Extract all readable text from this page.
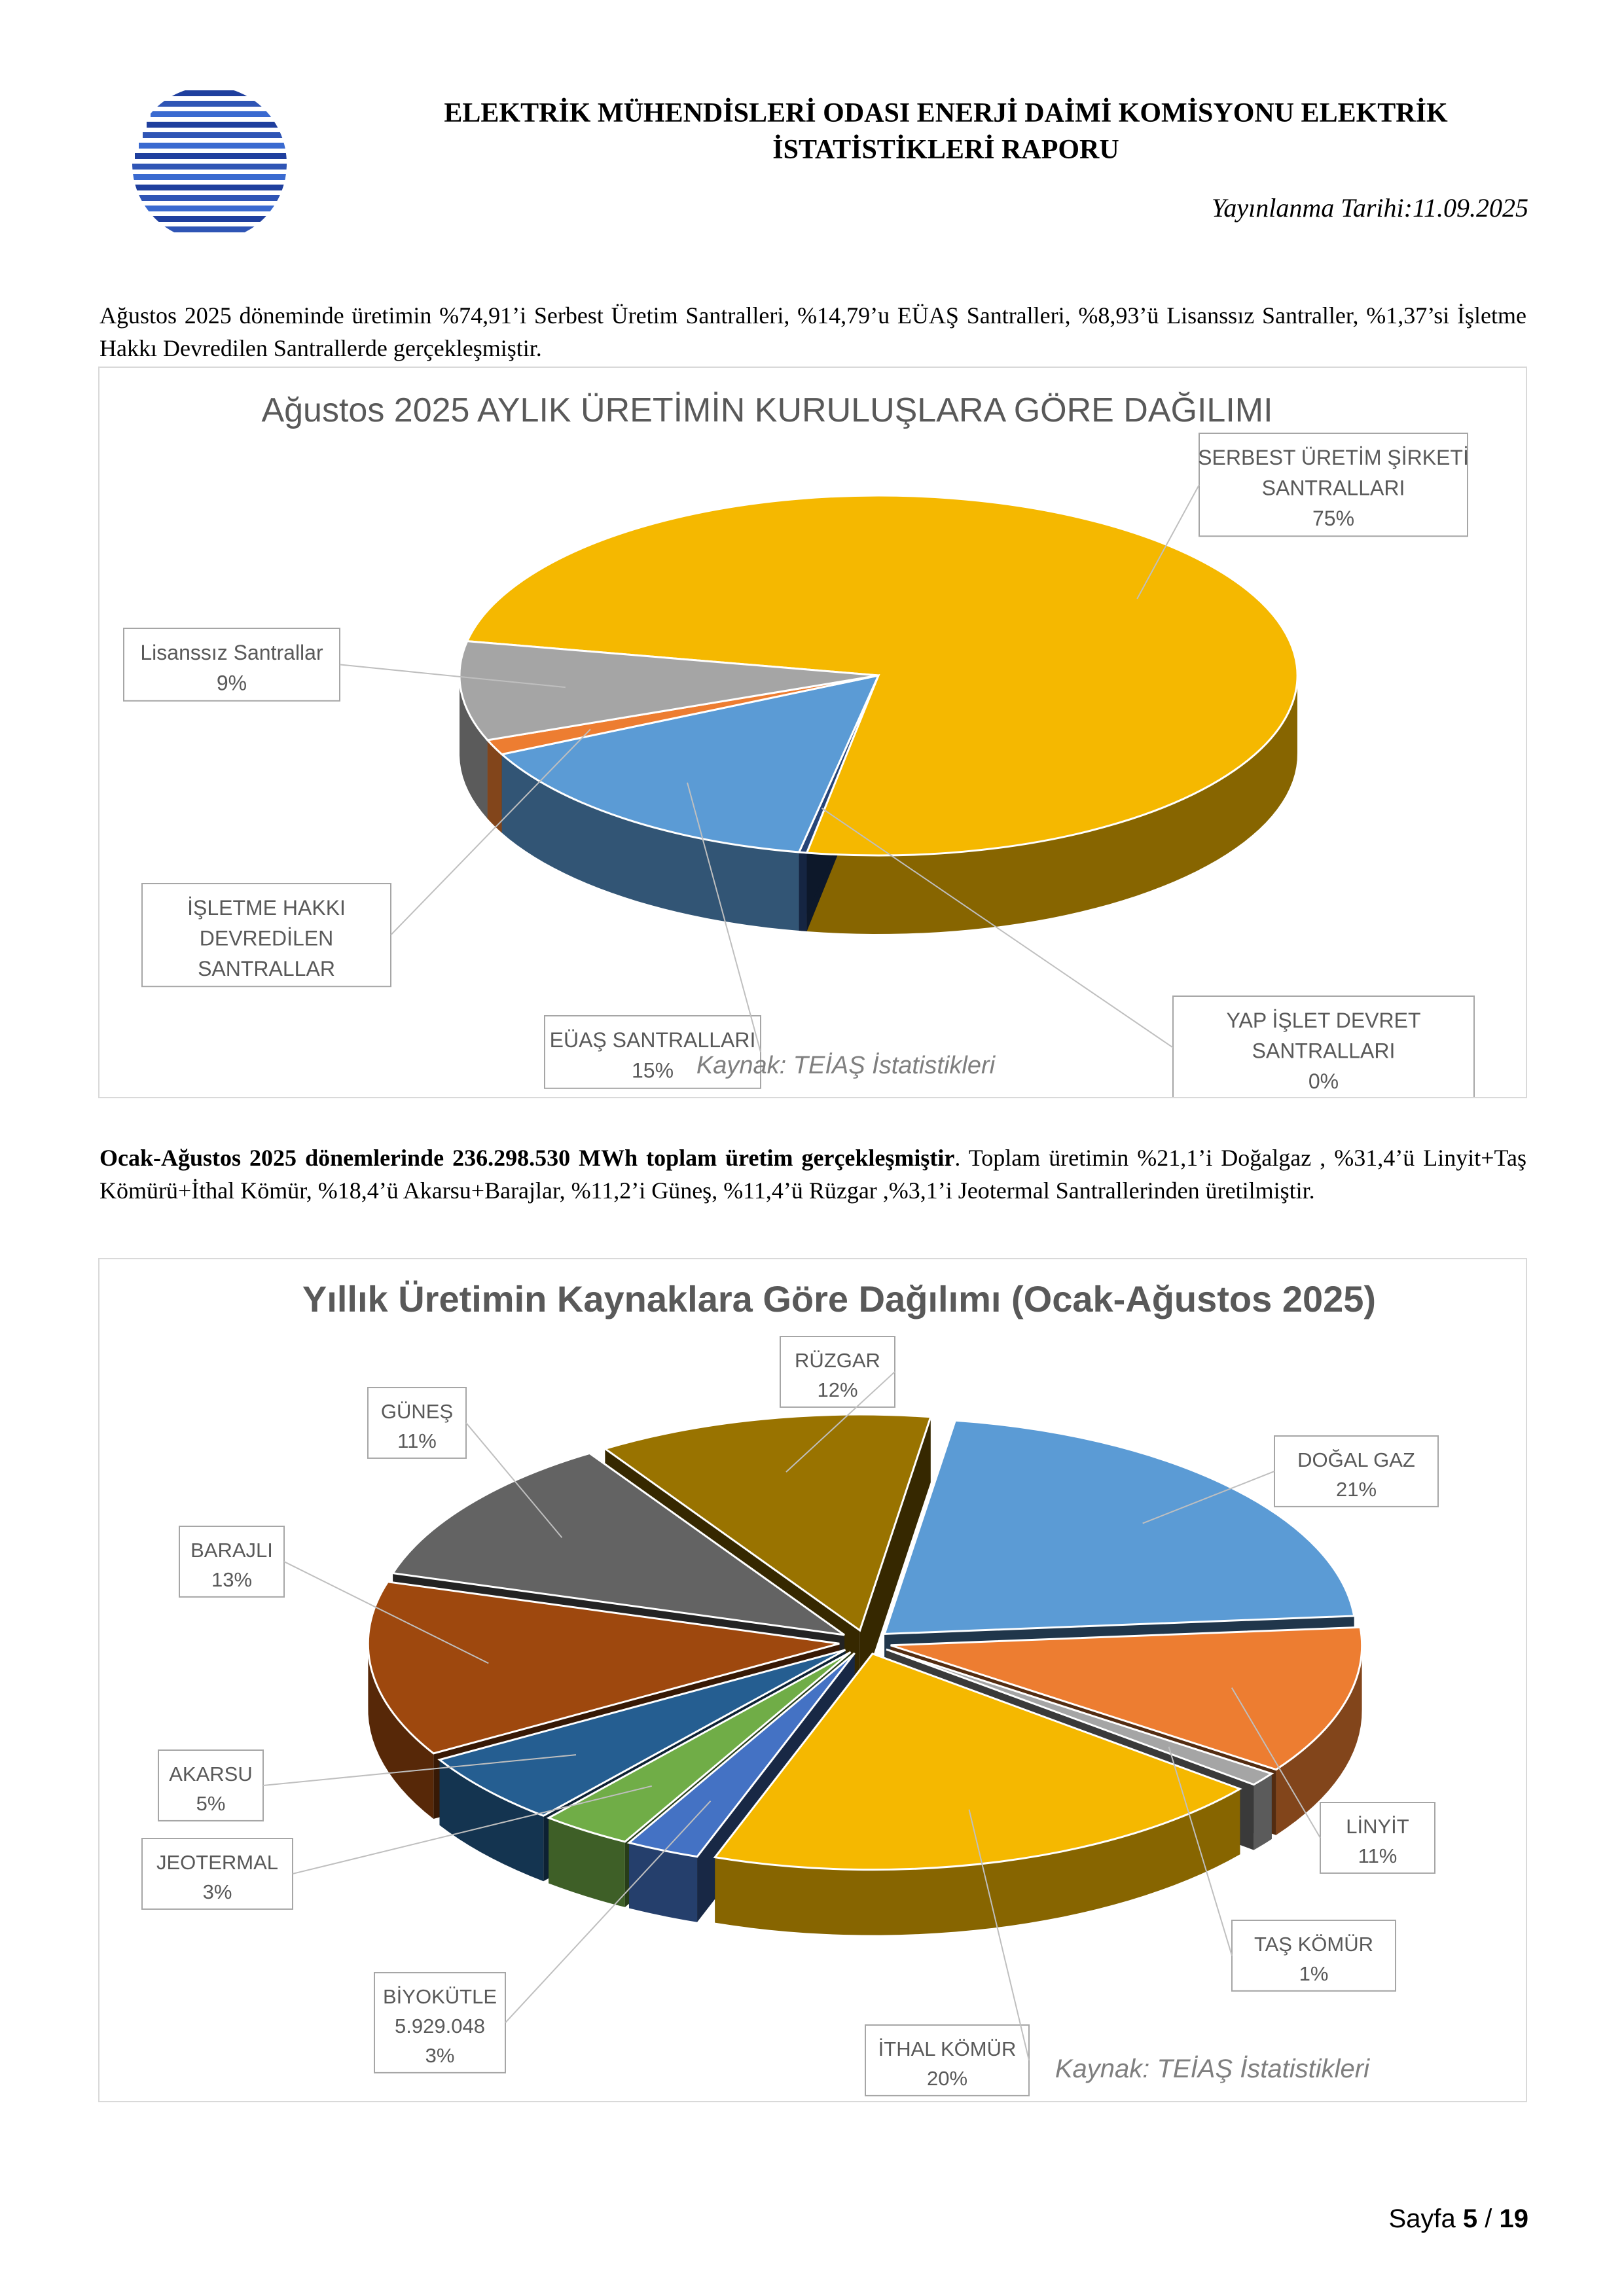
ELEKTRİK MÜHENDİSLERİ ODASI ENERJİ DAİMİ KOMİSYONU ELEKTRİK
İSTATİSTİKLERİ RAPORU
Yayınlanma Tarihi:11.09.2025
Ağustos 2025 döneminde üretimin %74,91’i Serbest Üretim Santralleri, %14,79’u EÜAŞ Santralleri, %8,93’ü Lisanssız Santraller, %1,37’si İşletme Hakkı Devredilen Santrallerde gerçekleşmiştir.
Ağustos 2025 AYLIK ÜRETİMİN KURULUŞLARA GÖRE DAĞILIMI
SERBEST ÜRETİM ŞİRKETİ
SANTRALLARI
75%
YAP İŞLET DEVRET
SANTRALLARI
0%
EÜAŞ SANTRALLARI
15%
İŞLETME HAKKI
DEVREDİLEN
SANTRALLAR
Lisanssız Santrallar
9%
Kaynak: TEİAŞ İstatistikleri
Ocak-Ağustos 2025 dönemlerinde 236.298.530 MWh toplam üretim gerçekleşmiştir. Toplam üretimin %21,1’i Doğalgaz , %31,4’ü Linyit+Taş Kömürü+İthal Kömür, %18,4’ü Akarsu+Barajlar, %11,2’i Güneş, %11,4’ü Rüzgar ,%3,1’i Jeotermal Santrallerinden üretilmiştir.
Yıllık Üretimin Kaynaklara Göre Dağılımı (Ocak-Ağustos 2025)
DOĞAL GAZ
21%
LİNYİT
11%
TAŞ KÖMÜR
1%
İTHAL KÖMÜR
20%
BİYOKÜTLE
5.929.048
3%
JEOTERMAL
3%
AKARSU
5%
BARAJLI
13%
GÜNEŞ
11%
RÜZGAR
12%
Kaynak: TEİAŞ İstatistikleri
Sayfa 5 / 19
